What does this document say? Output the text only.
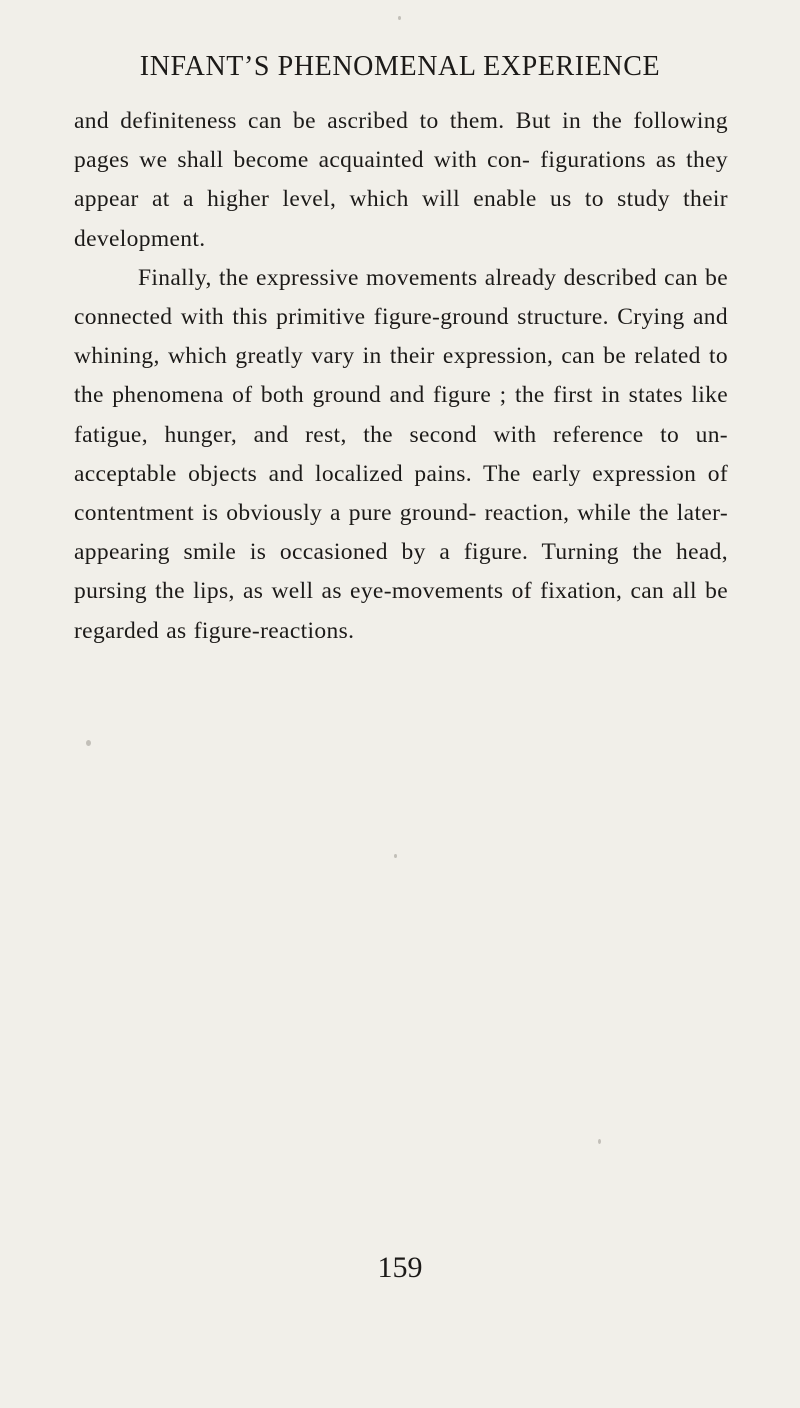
INFANT’S PHENOMENAL EXPERIENCE

and definiteness can be ascribed to them. But in the following pages we shall become acquainted with con- figurations as they appear at a higher level, which will enable us to study their development.

Finally, the expressive movements already described can be connected with this primitive figure-ground structure. Crying and whining, which greatly vary in their expression, can be related to the phenomena of both ground and figure ; the first in states like fatigue, hunger, and rest, the second with reference to un- acceptable objects and localized pains. The early expression of contentment is obviously a pure ground- reaction, while the later-appearing smile is occasioned by a figure. Turning the head, pursing the lips, as well as eye-movements of fixation, can all be regarded as figure-reactions.

159
